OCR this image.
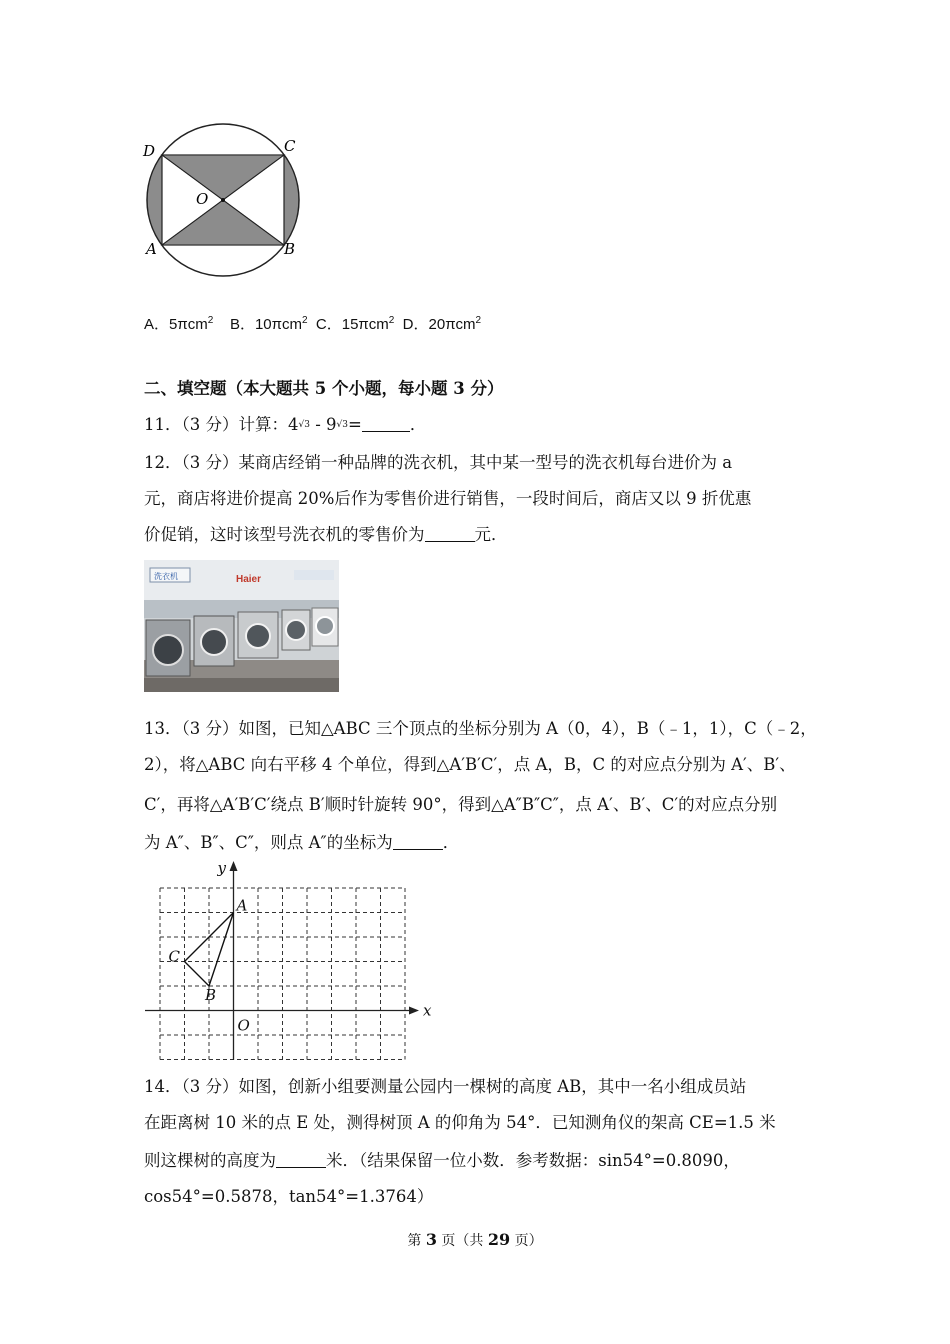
D	C
O
A	B
A．5πcm$^2$ B．10πcm$^2$ C．15πcm$^2$ D．20πcm$^2$
二、填空题（本大题共 5 个小题，每小题 3 分）
11．（3 分）计算：4√3 - 9√3=	．
12．（3 分）某商店经销一种品牌的洗衣机，其中某一型号的洗衣机每台进价为 a
元，商店将进价提高 20%后作为零售价进行销售，一段时间后，商店又以 9 折优惠
价促销，这时该型号洗衣机的零售价为	元．
洗衣机	Haier
13．（3 分）如图，已知△ABC 三个顶点的坐标分别为 A（0，4），B（﹣1，1），C（﹣2，
2），将△ABC 向右平移 4 个单位，得到△A′B′C′，点 A，B，C 的对应点分别为 A′、B′、
C′，再将△A′B′C′绕点 B′顺时针旋转 90°，得到△A″B″C″，点 A′、B′、C′的对应点分别
为 A″、B″、C″，则点 A″的坐标为	．
y
x
A
B
C
O
14．（3 分）如图，创新小组要测量公园内一棵树的高度 AB，其中一名小组成员站
在距离树 10 米的点 E 处，测得树顶 A 的仰角为 54°．已知测角仪的架高 CE=1.5 米
则这棵树的高度为	米．（结果保留一位小数．参考数据：sin54°=0.8090，
cos54°=0.5878，tan54°=1.3764）
第 3 页（共 29 页）
